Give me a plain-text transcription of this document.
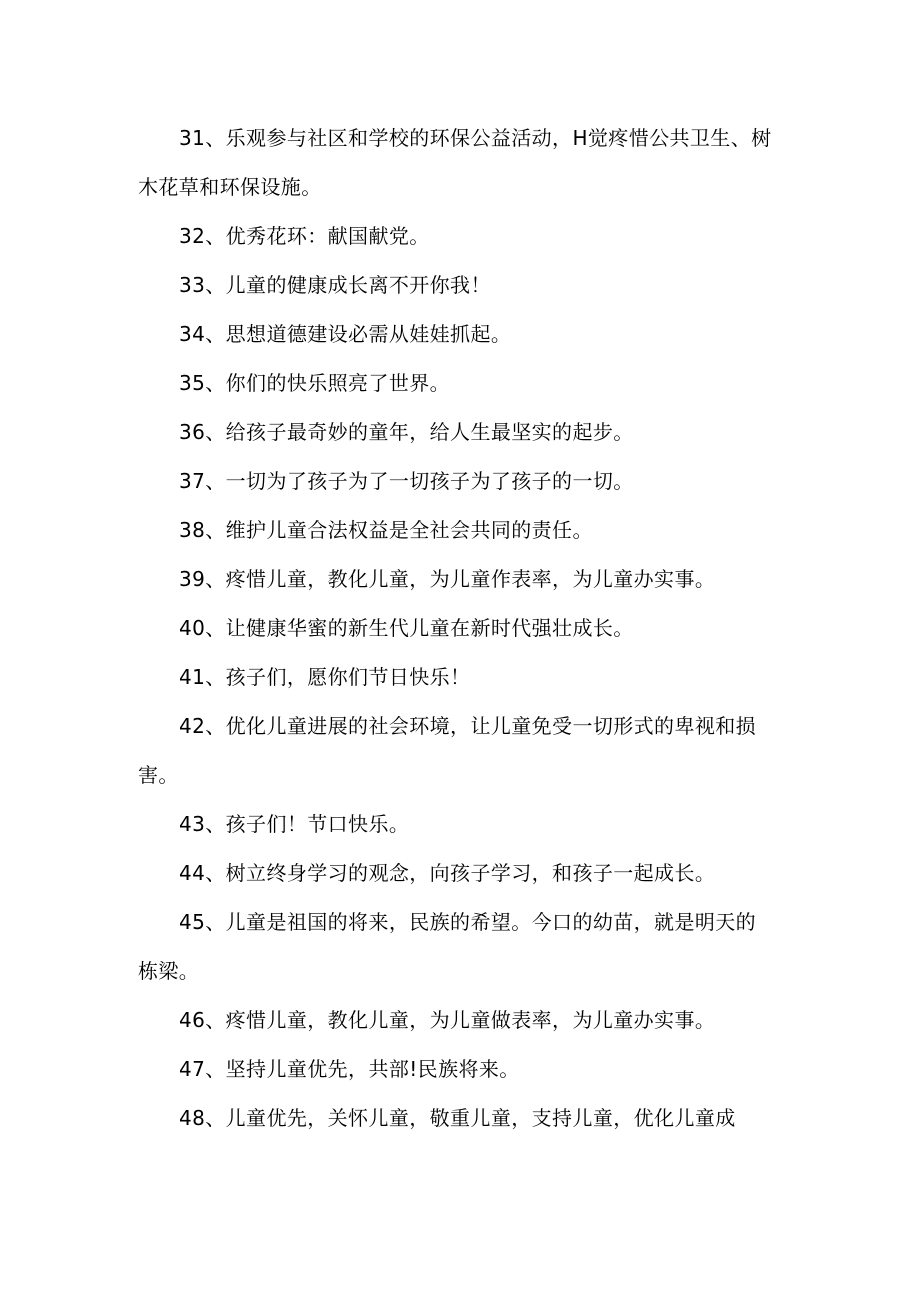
31、乐观参与社区和学校的环保公益活动，H觉疼惜公共卫生、树木花草和环保设施。

32、优秀花环：献国献党。

33、儿童的健康成长离不开你我！

34、思想道德建设必需从娃娃抓起。

35、你们的快乐照亮了世界。

36、给孩子最奇妙的童年，给人生最坚实的起步。

37、一切为了孩子为了一切孩子为了孩子的一切。

38、维护儿童合法权益是全社会共同的责任。

39、疼惜儿童，教化儿童，为儿童作表率，为儿童办实事。

40、让健康华蜜的新生代儿童在新时代强壮成长。

41、孩子们，愿你们节日快乐！

42、优化儿童进展的社会环境，让儿童免受一切形式的卑视和损害。

43、孩子们！节口快乐。

44、树立终身学习的观念，向孩子学习，和孩子一起成长。

45、儿童是祖国的将来，民族的希望。今口的幼苗，就是明天的栋梁。

46、疼惜儿童，教化儿童，为儿童做表率，为儿童办实事。

47、坚持儿童优先，共部!民族将来。

48、儿童优先，关怀儿童，敬重儿童，支持儿童，优化儿童成
